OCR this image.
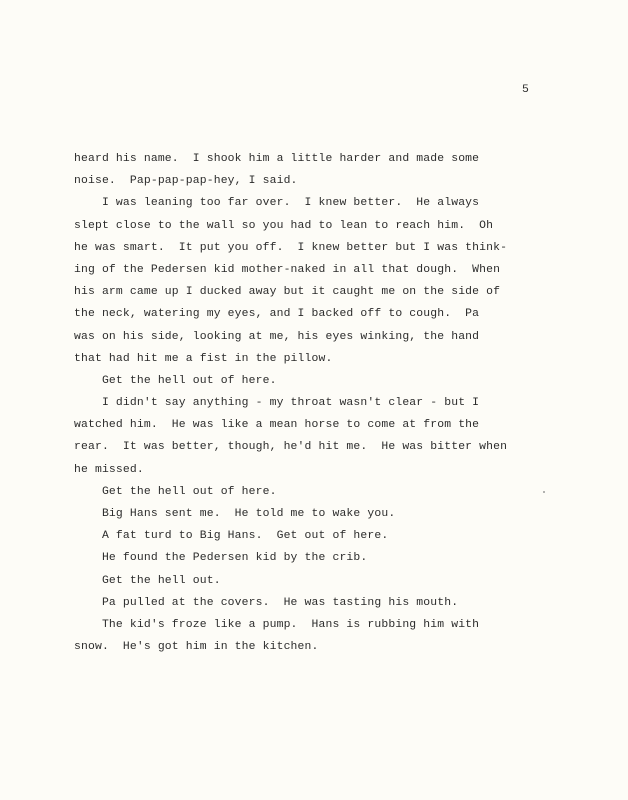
5
heard his name.  I shook him a little harder and made some
noise.  Pap-pap-pap-hey, I said.
I was leaning too far over.  I knew better.  He always
slept close to the wall so you had to lean to reach him.  Oh
he was smart.  It put you off.  I knew better but I was think-
ing of the Pedersen kid mother-naked in all that dough.  When
his arm came up I ducked away but it caught me on the side of
the neck, watering my eyes, and I backed off to cough.  Pa
was on his side, looking at me, his eyes winking, the hand
that had hit me a fist in the pillow.
Get the hell out of here.
I didn't say anything - my throat wasn't clear - but I
watched him.  He was like a mean horse to come at from the
rear.  It was better, though, he'd hit me.  He was bitter when
he missed.
Get the hell out of here.
Big Hans sent me.  He told me to wake you.
A fat turd to Big Hans.  Get out of here.
He found the Pedersen kid by the crib.
Get the hell out.
Pa pulled at the covers.  He was tasting his mouth.
The kid's froze like a pump.  Hans is rubbing him with
snow.  He's got him in the kitchen.
